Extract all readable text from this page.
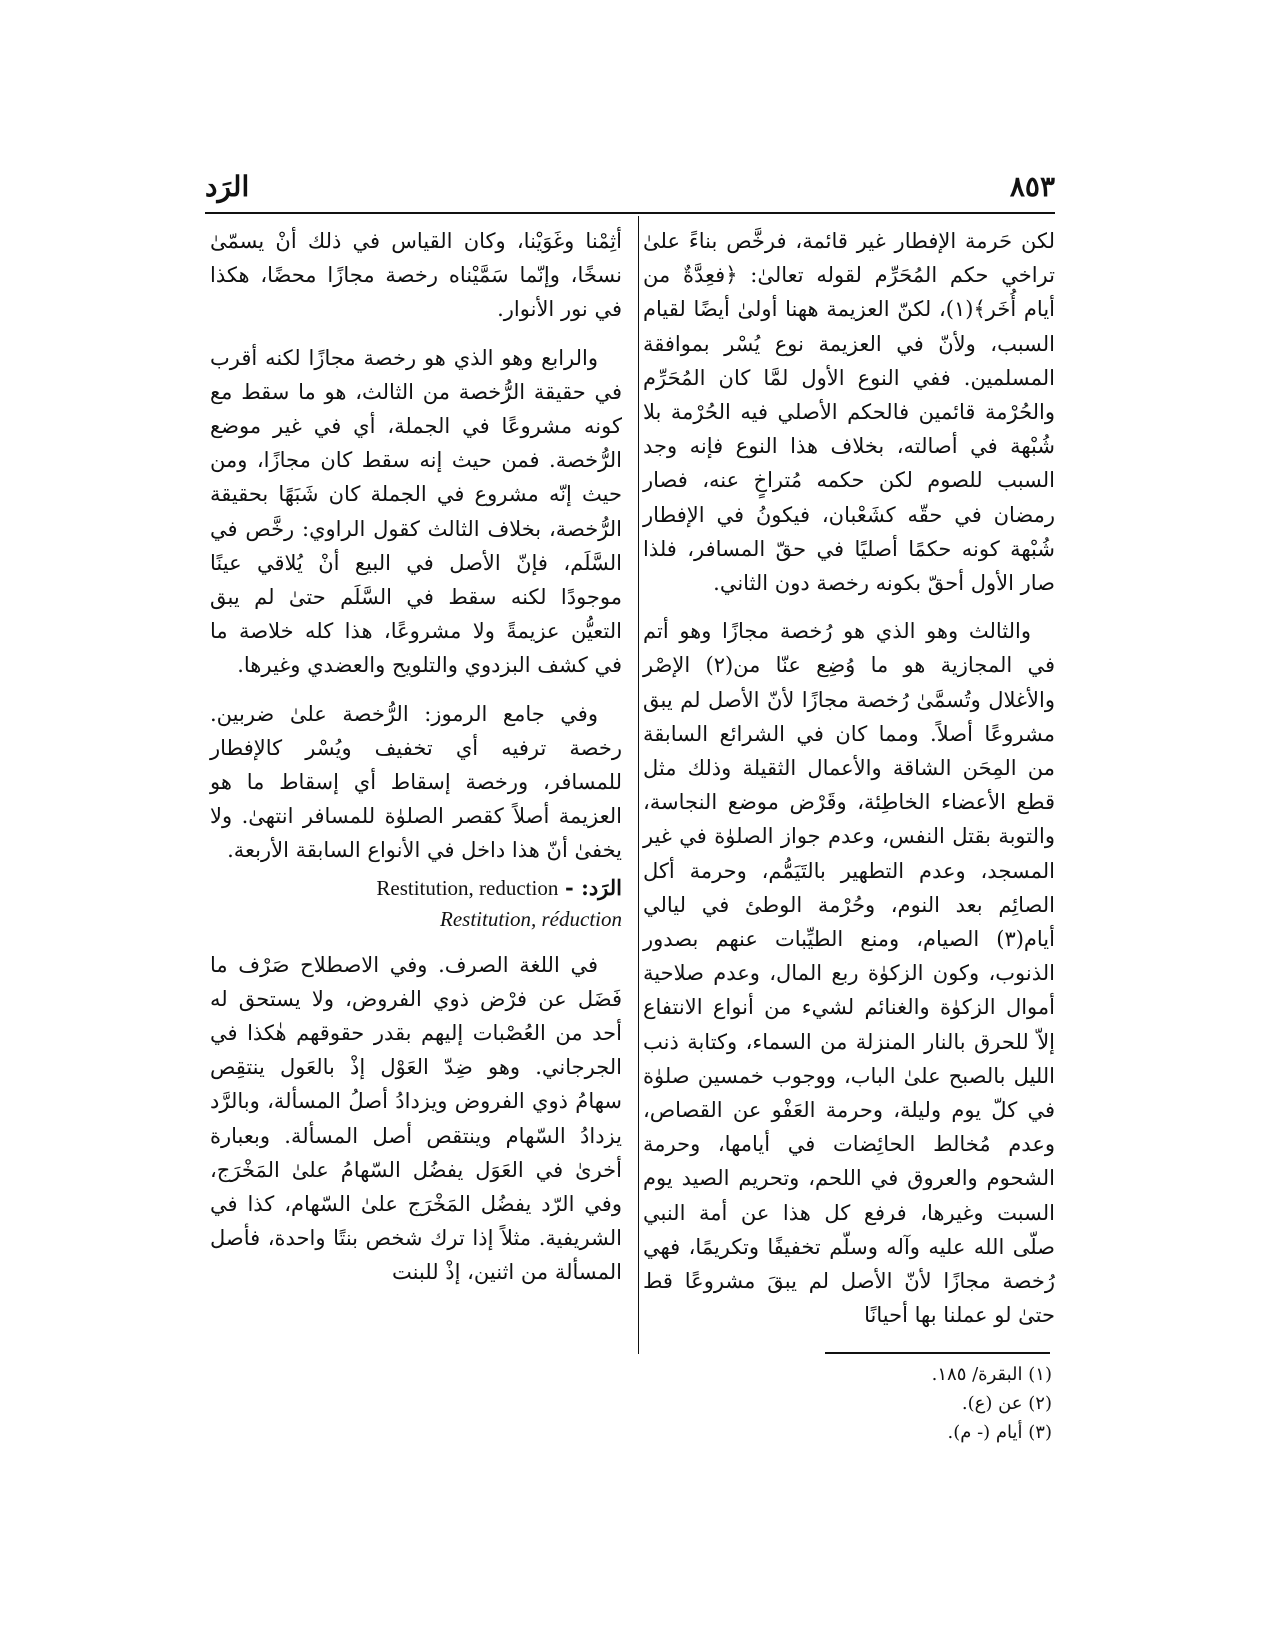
الرَد	٨٥٣

لكن حَرمة الإفطار غير قائمة، فرخَّص بناءً علىٰ تراخي حكم المُحَرِّم لقوله تعالىٰ: ﴿فعِدَّةٌ من أيام أُخَر﴾(١)، لكنّ العزيمة ههنا أولىٰ أيضًا لقيام السبب، ولأنّ في العزيمة نوع يُسْر بموافقة المسلمين. ففي النوع الأول لمَّا كان المُحَرِّم والحُرْمة قائمين فالحكم الأصلي فيه الحُرْمة بلا شُبْهة في أصالته، بخلاف هذا النوع فإنه وجد السبب للصوم لكن حكمه مُتراخٍ عنه، فصار رمضان في حقّه كشَعْبان، فيكونُ في الإفطار شُبْهة كونه حكمًا أصليًا في حقّ المسافر، فلذا صار الأول أحقّ بكونه رخصة دون الثاني.

والثالث وهو الذي هو رُخصة مجازًا وهو أتم في المجازية هو ما وُضِع عنّا من(٢) الإصْر والأغلال وتُسمَّىٰ رُخصة مجازًا لأنّ الأصل لم يبق مشروعًا أصلاً. ومما كان في الشرائع السابقة من المِحَن الشاقة والأعمال الثقيلة وذلك مثل قطع الأعضاء الخاطِئة، وقَرْض موضع النجاسة، والتوبة بقتل النفس، وعدم جواز الصلوٰة في غير المسجد، وعدم التطهير بالتَيَمُّم، وحرمة أكل الصائِم بعد النوم، وحُرْمة الوطئ في ليالي أيام(٣) الصيام، ومنع الطيِّبات عنهم بصدور الذنوب، وكون الزكوٰة ربع المال، وعدم صلاحية أموال الزكوٰة والغنائم لشيء من أنواع الانتفاع إلاّ للحرق بالنار المنزلة من السماء، وكتابة ذنب الليل بالصبح علىٰ الباب، ووجوب خمسين صلوٰة في كلّ يوم وليلة، وحرمة العَفْو عن القصاص، وعدم مُخالط الحائِضات في أيامها، وحرمة الشحوم والعروق في اللحم، وتحريم الصيد يوم السبت وغيرها، فرفع كل هذا عن أمة النبي صلّى الله عليه وآله وسلّم تخفيفًا وتكريمًا، فهي رُخصة مجازًا لأنّ الأصل لم يبقَ مشروعًا قط حتىٰ لو عملنا بها أحيانًا

أثِمْنا وغَوَيْنا، وكان القياس في ذلك أنْ يسمّىٰ نسخًا، وإنّما سَمَّيْناه رخصة مجازًا محضًا، هكذا في نور الأنوار.

والرابع وهو الذي هو رخصة مجازًا لكنه أقرب في حقيقة الرُّخصة من الثالث، هو ما سقط مع كونه مشروعًا في الجملة، أي في غير موضع الرُّخصة. فمن حيث إنه سقط كان مجازًا، ومن حيث إنّه مشروع في الجملة كان شَبَهًا بحقيقة الرُّخصة، بخلاف الثالث كقول الراوي: رخَّص في السَّلَم، فإنّ الأصل في البيع أنْ يُلاقي عينًا موجودًا لكنه سقط في السَّلَم حتىٰ لم يبق التعيُّن عزيمةً ولا مشروعًا، هذا كله خلاصة ما في كشف البزدوي والتلويح والعضدي وغيرها.

وفي جامع الرموز: الرُّخصة علىٰ ضربين. رخصة ترفيه أي تخفيف ويُسْر كالإفطار للمسافر، ورخصة إسقاط أي إسقاط ما هو العزيمة أصلاً كقصر الصلوٰة للمسافر انتهىٰ. ولا يخفىٰ أنّ هذا داخل في الأنواع السابقة الأربعة.

Restitution, reduction الرَد: -
Restitution, réduction

في اللغة الصرف. وفي الاصطلاح صَرْف ما فَضَل عن فرْض ذوي الفروض، ولا يستحق له أحد من العُصْبات إليهم بقدر حقوقهم هٰكذا في الجرجاني. وهو ضِدّ العَوْل إذْ بالعَول ينتقِص سهامُ ذوي الفروض ويزدادُ أصلُ المسألة، وبالرَّد يزدادُ السّهام وينتقص أصل المسألة. وبعبارة أخرىٰ في العَوَل يفضُل السّهامُ علىٰ المَخْرَج، وفي الرّد يفضُل المَخْرَج علىٰ السّهام، كذا في الشريفية. مثلاً إذا ترك شخص بنتًا واحدة، فأصل المسألة من اثنين، إذْ للبنت

(١) البقرة/ ١٨٥.

(٢) عن (ع).

(٣) أيام (- م).
